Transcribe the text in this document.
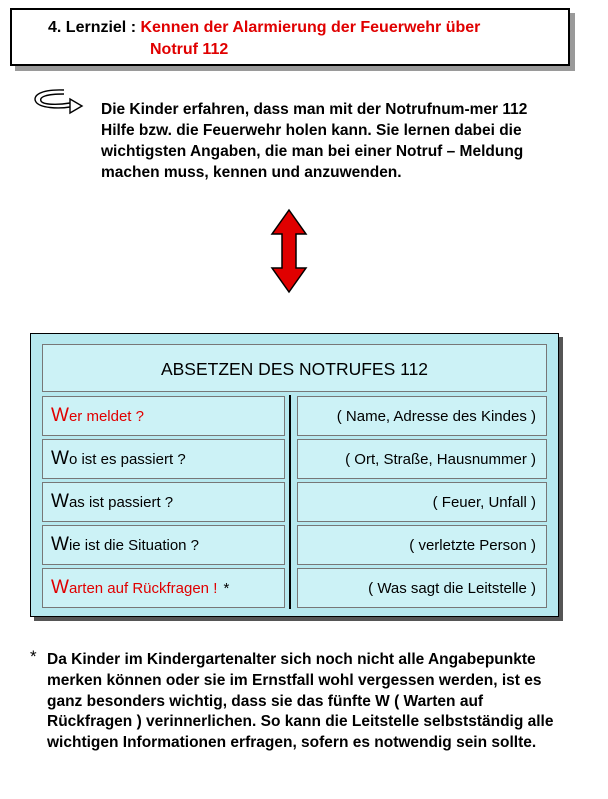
4. Lernziel : Kennen der Alarmierung der Feuerwehr über
Notruf 112
Die Kinder erfahren, dass man mit der Notrufnum-mer 112 Hilfe bzw. die Feuerwehr holen kann. Sie lernen dabei die wichtigsten Angaben, die man bei einer Notruf – Meldung machen muss, kennen und anzuwenden.
ABSETZEN DES NOTRUFES 112
W er meldet ?	( Name, Adresse des Kindes )
W o ist es passiert ?	( Ort, Straße, Hausnummer )
W as ist passiert ?	( Feuer, Unfall )
W ie ist die Situation ?	( verletzte Person )
W arten auf Rückfragen ! *	( Was sagt die Leitstelle )
* Da Kinder im Kindergartenalter sich noch nicht alle Angabepunkte merken können oder sie im Ernstfall wohl vergessen werden, ist es ganz besonders wichtig, dass sie das fünfte W ( Warten auf Rückfragen ) verinnerlichen. So kann die Leitstelle selbstständig alle wichtigen Informationen erfragen, sofern es notwendig sein sollte.
